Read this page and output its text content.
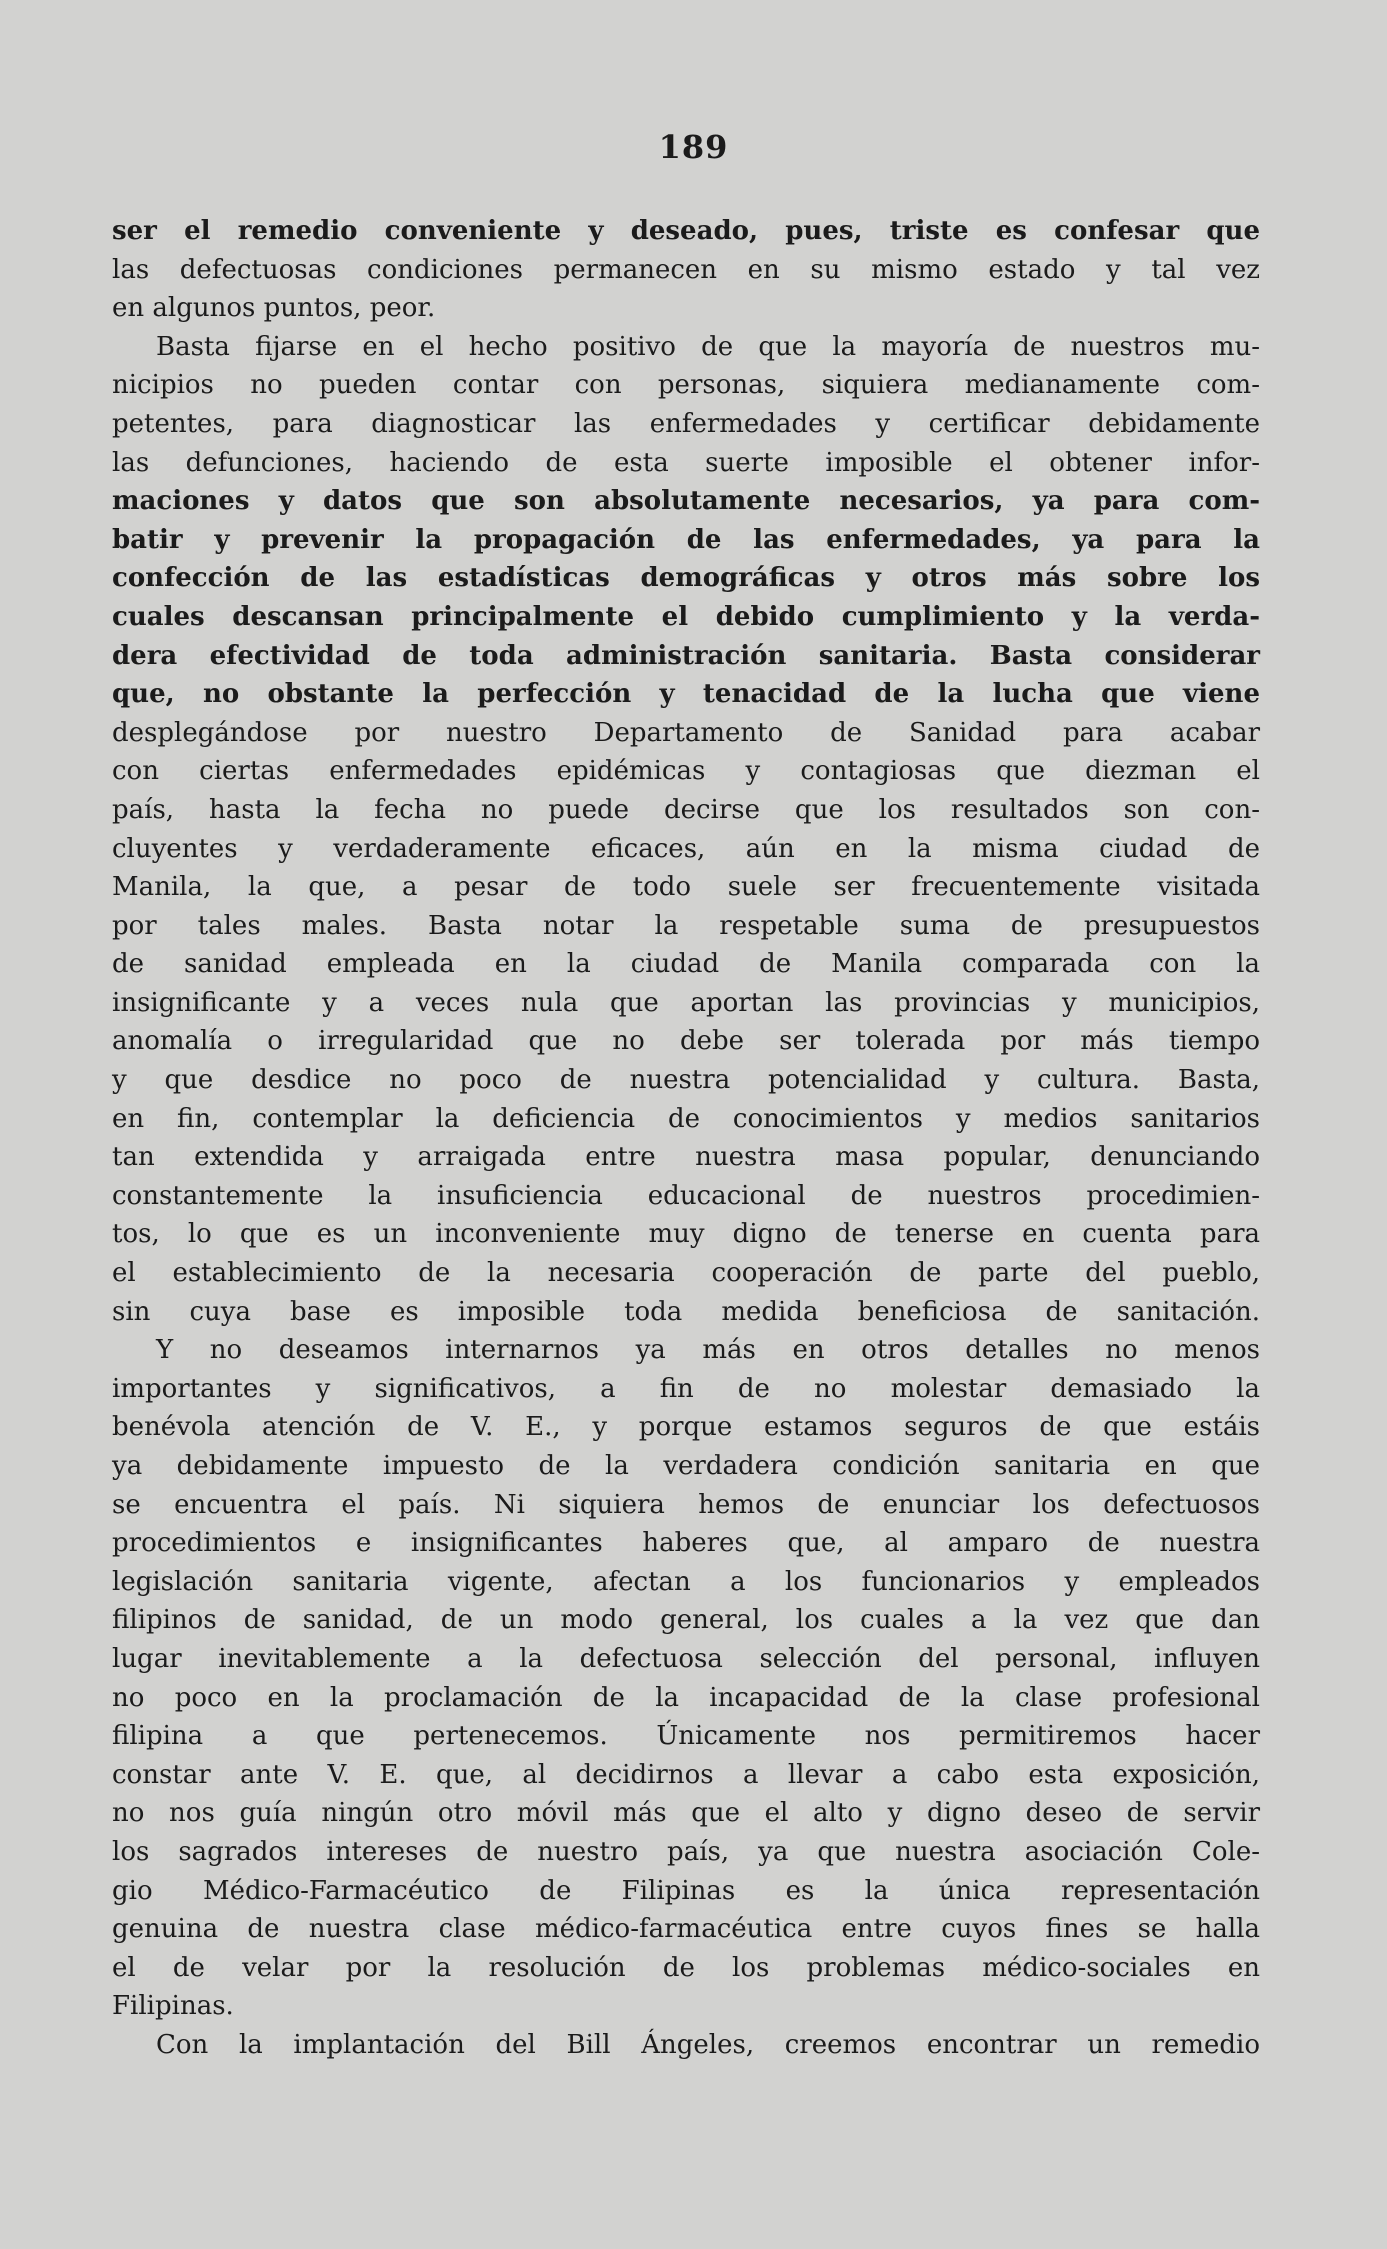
189
ser el remedio conveniente y deseado, pues, triste es confesar que
las defectuosas condiciones permanecen en su mismo estado y tal vez
en algunos puntos, peor.
Basta fijarse en el hecho positivo de que la mayoría de nuestros mu-
nicipios no pueden contar con personas, siquiera medianamente com-
petentes, para diagnosticar las enfermedades y certificar debidamente
las defunciones, haciendo de esta suerte imposible el obtener infor-
maciones y datos que son absolutamente necesarios, ya para com-
batir y prevenir la propagación de las enfermedades, ya para la
confección de las estadísticas demográficas y otros más sobre los
cuales descansan principalmente el debido cumplimiento y la verda-
dera efectividad de toda administración sanitaria. Basta considerar
que, no obstante la perfección y tenacidad de la lucha que viene
desplegándose por nuestro Departamento de Sanidad para acabar
con ciertas enfermedades epidémicas y contagiosas que diezman el
país, hasta la fecha no puede decirse que los resultados son con-
cluyentes y verdaderamente eficaces, aún en la misma ciudad de
Manila, la que, a pesar de todo suele ser frecuentemente visitada
por tales males. Basta notar la respetable suma de presupuestos
de sanidad empleada en la ciudad de Manila comparada con la
insignificante y a veces nula que aportan las provincias y municipios,
anomalía o irregularidad que no debe ser tolerada por más tiempo
y que desdice no poco de nuestra potencialidad y cultura. Basta,
en fin, contemplar la deficiencia de conocimientos y medios sanitarios
tan extendida y arraigada entre nuestra masa popular, denunciando
constantemente la insuficiencia educacional de nuestros procedimien-
tos, lo que es un inconveniente muy digno de tenerse en cuenta para
el establecimiento de la necesaria cooperación de parte del pueblo,
sin cuya base es imposible toda medida beneficiosa de sanitación.
Y no deseamos internarnos ya más en otros detalles no menos
importantes y significativos, a fin de no molestar demasiado la
benévola atención de V. E., y porque estamos seguros de que estáis
ya debidamente impuesto de la verdadera condición sanitaria en que
se encuentra el país. Ni siquiera hemos de enunciar los defectuosos
procedimientos e insignificantes haberes que, al amparo de nuestra
legislación sanitaria vigente, afectan a los funcionarios y empleados
filipinos de sanidad, de un modo general, los cuales a la vez que dan
lugar inevitablemente a la defectuosa selección del personal, influyen
no poco en la proclamación de la incapacidad de la clase profesional
filipina a que pertenecemos. Únicamente nos permitiremos hacer
constar ante V. E. que, al decidirnos a llevar a cabo esta exposición,
no nos guía ningún otro móvil más que el alto y digno deseo de servir
los sagrados intereses de nuestro país, ya que nuestra asociación Cole-
gio Médico-Farmacéutico de Filipinas es la única representación
genuina de nuestra clase médico-farmacéutica entre cuyos fines se halla
el de velar por la resolución de los problemas médico-sociales en
Filipinas.
Con la implantación del Bill Ángeles, creemos encontrar un remedio
